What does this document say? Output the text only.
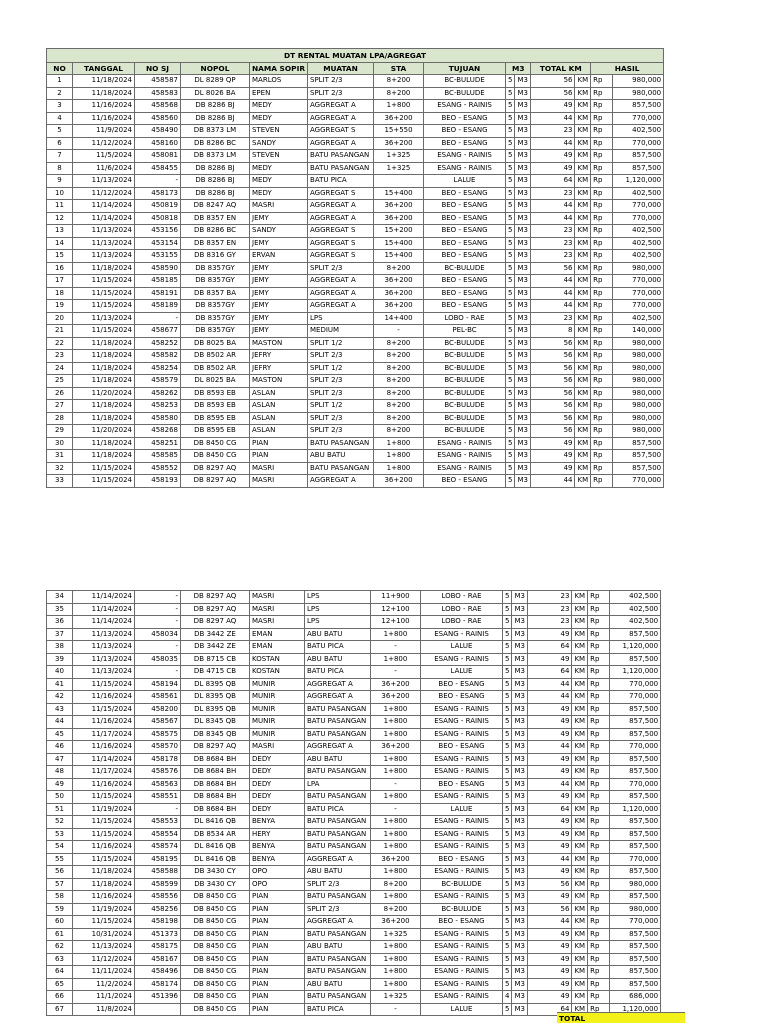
DT RENTAL MUATAN LPA/AGREGAT													
NO	TANGGAL	NO SJ	NOPOL	NAMA SOPIR	MUATAN	STA	TUJUAN	M3		TOTAL KM		HASIL	
1	11/18/2024	458587	DL 8289 QP	MARLOS	SPLIT 2/3	8+200	BC-BULUDE	5	M3	56	KM	Rp	980,000
2	11/18/2024	458583	DL 8026 BA	EPEN	SPLIT 2/3	8+200	BC-BULUDE	5	M3	56	KM	Rp	980,000
3	11/16/2024	458568	DB 8286 BJ	MEDY	AGGREGAT A	1+800	ESANG - RAINIS	5	M3	49	KM	Rp	857,500
4	11/16/2024	458560	DB 8286 BJ	MEDY	AGGREGAT A	36+200	BEO - ESANG	5	M3	44	KM	Rp	770,000
5	11/9/2024	458490	DB 8373 LM	STEVEN	AGGREGAT S	15+550	BEO - ESANG	5	M3	23	KM	Rp	402,500
6	11/12/2024	458160	DB 8286 BC	SANDY	AGGREGAT A	36+200	BEO - ESANG	5	M3	44	KM	Rp	770,000
7	11/5/2024	458081	DB 8373 LM	STEVEN	BATU PASANGAN	1+325	ESANG - RAINIS	5	M3	49	KM	Rp	857,500
8	11/6/2024	458455	DB 8286 BJ	MEDY	BATU PASANGAN	1+325	ESANG - RAINIS	5	M3	49	KM	Rp	857,500
9	11/13/2024	-	DB 8286 BJ	MEDY	BATU PICA		LALUE	5	M3	64	KM	Rp	1,120,000
10	11/12/2024	458173	DB 8286 BJ	MEDY	AGGREGAT S	15+400	BEO - ESANG	5	M3	23	KM	Rp	402,500
11	11/14/2024	450819	DB 8247 AQ	MASRI	AGGREGAT A	36+200	BEO - ESANG	5	M3	44	KM	Rp	770,000
12	11/14/2024	450818	DB 8357 EN	JEMY	AGGREGAT A	36+200	BEO - ESANG	5	M3	44	KM	Rp	770,000
13	11/13/2024	453156	DB 8286 BC	SANDY	AGGREGAT S	15+200	BEO - ESANG	5	M3	23	KM	Rp	402,500
14	11/13/2024	453154	DB 8357 EN	JEMY	AGGREGAT S	15+400	BEO - ESANG	5	M3	23	KM	Rp	402,500
15	11/13/2024	453155	DB 8316 GY	ERVAN	AGGREGAT S	15+400	BEO - ESANG	5	M3	23	KM	Rp	402,500
16	11/18/2024	458590	DB 8357GY	JEMY	SPLIT 2/3	8+200	BC-BULUDE	5	M3	56	KM	Rp	980,000
17	11/15/2024	458185	DB 8357GY	JEMY	AGGREGAT A	36+200	BEO - ESANG	5	M3	44	KM	Rp	770,000
18	11/15/2024	458191	DB 8357 BA	JEMY	AGGREGAT A	36+200	BEO - ESANG	5	M3	44	KM	Rp	770,000
19	11/15/2024	458189	DB 8357GY	JEMY	AGGREGAT A	36+200	BEO - ESANG	5	M3	44	KM	Rp	770,000
20	11/13/2024	-	DB 8357GY	JEMY	LPS	14+400	LOBO - RAE	5	M3	23	KM	Rp	402,500
21	11/15/2024	458677	DB 8357GY	JEMY	MEDIUM	-	PEL-BC	5	M3	8	KM	Rp	140,000
22	11/18/2024	458252	DB 8025 BA	MASTON	SPLIT 1/2	8+200	BC-BULUDE	5	M3	56	KM	Rp	980,000
23	11/18/2024	458582	DB 8502 AR	JEFRY	SPLIT 2/3	8+200	BC-BULUDE	5	M3	56	KM	Rp	980,000
24	11/18/2024	458254	DB 8502 AR	JEFRY	SPLIT 1/2	8+200	BC-BULUDE	5	M3	56	KM	Rp	980,000
25	11/18/2024	458579	DL 8025 BA	MASTON	SPLIT 2/3	8+200	BC-BULUDE	5	M3	56	KM	Rp	980,000
26	11/20/2024	458262	DB 8593 EB	ASLAN	SPLIT 2/3	8+200	BC-BULUDE	5	M3	56	KM	Rp	980,000
27	11/18/2024	458253	DB 8593 EB	ASLAN	SPLIT 1/2	8+200	BC-BULUDE	5	M3	56	KM	Rp	980,000
28	11/18/2024	458580	DB 8595 EB	ASLAN	SPLIT 2/3	8+200	BC-BULUDE	5	M3	56	KM	Rp	980,000
29	11/20/2024	458268	DB 8595 EB	ASLAN	SPLIT 2/3	8+200	BC-BULUDE	5	M3	56	KM	Rp	980,000
30	11/18/2024	458251	DB 8450 CG	PIAN	BATU PASANGAN	1+800	ESANG - RAINIS	5	M3	49	KM	Rp	857,500
31	11/18/2024	458585	DB 8450 CG	PIAN	ABU BATU	1+800	ESANG - RAINIS	5	M3	49	KM	Rp	857,500
32	11/15/2024	458552	DB 8297 AQ	MASRI	BATU PASANGAN	1+800	ESANG - RAINIS	5	M3	49	KM	Rp	857,500
33	11/15/2024	458193	DB 8297 AQ	MASRI	AGGREGAT A	36+200	BEO - ESANG	5	M3	44	KM	Rp	770,000
34	11/14/2024	-	DB 8297 AQ	MASRI	LPS	11+900	LOBO - RAE	5	M3	23	KM	Rp	402,500
35	11/14/2024	-	DB 8297 AQ	MASRI	LPS	12+100	LOBO - RAE	5	M3	23	KM	Rp	402,500
36	11/14/2024	-	DB 8297 AQ	MASRI	LPS	12+100	LOBO - RAE	5	M3	23	KM	Rp	402,500
37	11/13/2024	458034	DB 3442 ZE	EMAN	ABU BATU	1+800	ESANG - RAINIS	5	M3	49	KM	Rp	857,500
38	11/13/2024	-	DB 3442 ZE	EMAN	BATU PICA	-	LALUE	5	M3	64	KM	Rp	1,120,000
39	11/13/2024	458035	DB 8715 CB	KOSTAN	ABU BATU	1+800	ESANG - RAINIS	5	M3	49	KM	Rp	857,500
40	11/13/2024	-	DB 4715 CB	KOSTAN	BATU PICA	-	LALUE	5	M3	64	KM	Rp	1,120,000
41	11/15/2024	458194	DL 8395 QB	MUNIR	AGGREGAT A	36+200	BEO - ESANG	5	M3	44	KM	Rp	770,000
42	11/16/2024	458561	DL 8395 QB	MUNIR	AGGREGAT A	36+200	BEO - ESANG	5	M3	44	KM	Rp	770,000
43	11/15/2024	458200	DL 8395 QB	MUNIR	BATU PASANGAN	1+800	ESANG - RAINIS	5	M3	49	KM	Rp	857,500
44	11/16/2024	458567	DL 8345 QB	MUNIR	BATU PASANGAN	1+800	ESANG - RAINIS	5	M3	49	KM	Rp	857,500
45	11/17/2024	458575	DB 8345 QB	MUNIR	BATU PASANGAN	1+800	ESANG - RAINIS	5	M3	49	KM	Rp	857,500
46	11/16/2024	458570	DB 8297 AQ	MASRI	AGGREGAT A	36+200	BEO - ESANG	5	M3	44	KM	Rp	770,000
47	11/14/2024	458178	DB 8684 BH	DEDY	ABU BATU	1+800	ESANG - RAINIS	5	M3	49	KM	Rp	857,500
48	11/17/2024	458576	DB 8684 BH	DEDY	BATU PASANGAN	1+800	ESANG - RAINIS	5	M3	49	KM	Rp	857,500
49	11/16/2024	458563	DB 8684 BH	DEDY	LPA	-	BEO - ESANG	5	M3	44	KM	Rp	770,000
50	11/15/2024	458551	DB 8684 BH	DEDY	BATU PASANGAN	1+800	ESANG - RAINIS	5	M3	49	KM	Rp	857,500
51	11/19/2024	-	DB 8684 BH	DEDY	BATU PICA	-	LALUE	5	M3	64	KM	Rp	1,120,000
52	11/15/2024	458553	DL 8416 QB	BENYA	BATU PASANGAN	1+800	ESANG - RAINIS	5	M3	49	KM	Rp	857,500
53	11/15/2024	458554	DB 8534 AR	HERY	BATU PASANGAN	1+800	ESANG - RAINIS	5	M3	49	KM	Rp	857,500
54	11/16/2024	458574	DL 8416 QB	BENYA	BATU PASANGAN	1+800	ESANG - RAINIS	5	M3	49	KM	Rp	857,500
55	11/15/2024	458195	DL 8416 QB	BENYA	AGGREGAT A	36+200	BEO - ESANG	5	M3	44	KM	Rp	770,000
56	11/18/2024	458588	DB 3430 CY	OPO	ABU BATU	1+800	ESANG - RAINIS	5	M3	49	KM	Rp	857,500
57	11/18/2024	458599	DB 3430 CY	OPO	SPLIT 2/3	8+200	BC-BULUDE	5	M3	56	KM	Rp	980,000
58	11/16/2024	458556	DB 8450 CG	PIAN	BATU PASANGAN	1+800	ESANG - RAINIS	5	M3	49	KM	Rp	857,500
59	11/19/2024	458256	DB 8450 CG	PIAN	SPLIT 2/3	8+200	BC-BULUDE	5	M3	56	KM	Rp	980,000
60	11/15/2024	458198	DB 8450 CG	PIAN	AGGREGAT A	36+200	BEO - ESANG	5	M3	44	KM	Rp	770,000
61	10/31/2024	451373	DB 8450 CG	PIAN	BATU PASANGAN	1+325	ESANG - RAINIS	5	M3	49	KM	Rp	857,500
62	11/13/2024	458175	DB 8450 CG	PIAN	ABU BATU	1+800	ESANG - RAINIS	5	M3	49	KM	Rp	857,500
63	11/12/2024	458167	DB 8450 CG	PIAN	BATU PASANGAN	1+800	ESANG - RAINIS	5	M3	49	KM	Rp	857,500
64	11/11/2024	458496	DB 8450 CG	PIAN	BATU PASANGAN	1+800	ESANG - RAINIS	5	M3	49	KM	Rp	857,500
65	11/2/2024	458174	DB 8450 CG	PIAN	ABU BATU	1+800	ESANG - RAINIS	5	M3	49	KM	Rp	857,500
66	11/1/2024	451396	DB 8450 CG	PIAN	BATU PASANGAN	1+325	ESANG - RAINIS	4	M3	49	KM	Rp	686,000
67	11/8/2024		DB 8450 CG	PIAN	BATU PICA	-	LALUE	5	M3	64	KM	Rp	1,120,000
TOTAL
